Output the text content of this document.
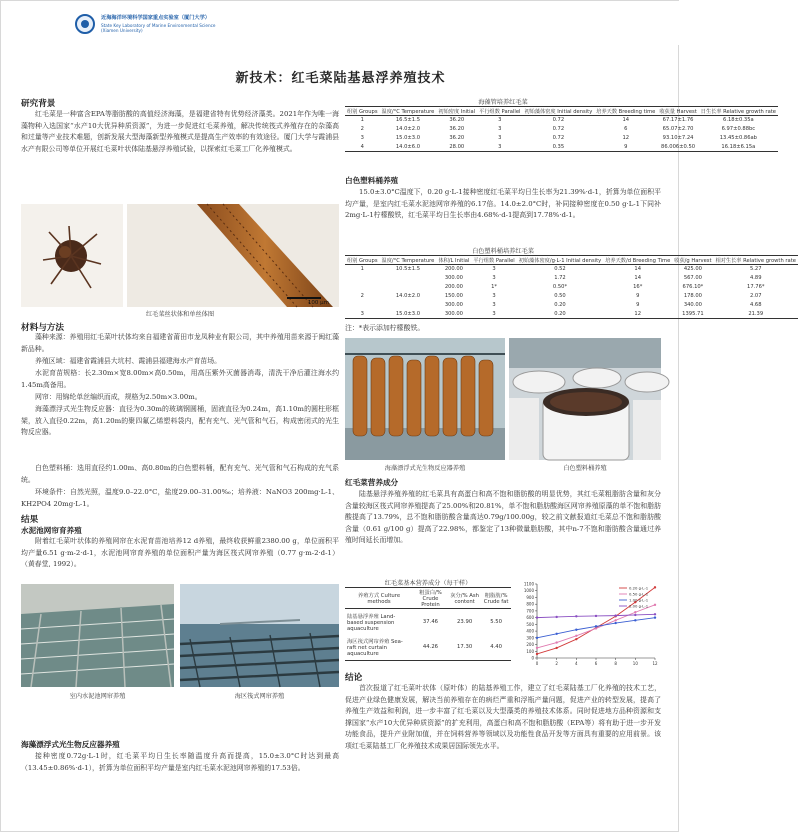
近海海洋环境科学国家重点实验室（厦门大学）
State Key Laboratory of Marine Environmental Science
(Xiamen University)
新技术：红毛菜陆基悬浮养殖技术
研究背景
红毛菜是一种富含EPA等脂肪酸的高值经济海藻，是福建省特有优势经济藻类。2021年作为唯一海藻物种入选国家“水产10大优异种质资源”，为进一步促进红毛菜养殖，解决传统筏式养殖存在的杂藻高和过量等产业技术难题，创新发展大型海藻新型养殖模式是提高生产效率的有效途径。厦门大学与霞浦县水产有限公司等单位开展红毛菜叶状体陆基悬浮养殖试验，以探索红毛菜工厂化养殖模式。
100 μm
红毛菜丝状体和单丝体图
材料与方法
藻种来源：养殖用红毛菜叶状体均来自福建省莆田市龙凤种业有限公司，其中养殖用苗来源于闽红藻新品种。
养殖区域：福建省霞浦县大坑村、霞浦县福建海水产育苗场。
水泥育苗规格：长2.30m×宽8.00m×高0.50m，用高压紫外灭菌器消毒，清洗干净后灌注海水约1.45m高备用。
网帘：用锦纶单丝编织而成，规格为2.50m×3.00m。
海藻漂浮式光生物反应器：直径为0.30m的玻璃钢圆桶，固液直径为0.24m，高1.10m的圆柱形框架，放入直径0.22m，高1.20m的聚四氟乙烯塑料袋内，配有充气、光气管和气石，构成密闭式的光生物反应器。
白色塑料桶：选用直径约1.00m、高0.80m的白色塑料桶，配有充气、光气管和气石构成的充气系统。
环境条件：自然光照，温度9.0–22.0°C，盐度29.00–31.00‰；培养液：NaNO3 200mg·L-1、KH2PO4 20mg·L-1。
结果
水泥池网帘育养殖
附着红毛菜叶状体的养殖网帘在水泥育苗池培养12 d养殖，最终收获鲜重2380.00 g，单位面积平均产量6.51 g·m-2·d-1，水泥池网帘育养殖的单位面积产量为海区筏式网帘养殖（0.77 g·m-2·d-1）（黄春堂, 1992）。
室内水泥池网帘养殖	海区筏式网帘养殖
海藻漂浮式光生物反应器养殖
接种密度0.72g·L-1时，红毛菜平均日生长率随温度升高而提高，15.0±3.0°C时达到最高（13.45±0.86%·d-1），折算为单位面积平均产量是室内红毛菜水泥池网帘养殖的17.53倍。
海藻管培养红毛菜
组别 Groups	温度/°C Temperature	初始密度 Initial	平行组数 Parallel	初始藻体密度 Initial density	培养天数 Breeding time	收获量 Harvest	日生长率 Relative growth rate
1	16.5±1.5	36.20	3	0.72	14	67.17±1.76	6.18±0.35a
2	14.0±2.0	36.20	3	0.72	6	65.07±2.70	6.97±0.88bc
3	15.0±3.0	36.20	3	0.72	12	93.10±7.24	13.45±0.86ab
4	14.0±6.0	28.00	3	0.35	9	86.006±0.50	16.18±6.15a
白色塑料桶养殖
15.0±3.0°C温度下，0.20 g·L-1接种密度红毛菜平均日生长率为21.39%·d-1，折算为单位面积平均产量，是室内红毛菜水泥池网帘养殖的6.17倍。14.0±2.0°C时，补同接种密度在0.50 g·L-1下同补2mg·L-1柠檬酸铁，红毛菜平均日生长率由4.68%·d-1提高到17.78%·d-1。
白色塑料桶培养红毛菜
组别 Groups	温度/°C Temperature	体积/L Initial	平行组数 Parallel	初始藻体密度/g·L-1 Initial density	培养天数/d Breeding Time	收获/g Harvest	相对生长率 Relative growth rate
1	10.5±1.5	200.00	3	0.52	14	425.00	5.27
		300.00	3	1.72	14	567.00	4.89
		200.00	1*	0.50*	16*	676.10*	17.76*
2	14.0±2.0	150.00	3	0.50	9	178.00	2.07
		300.00	3	0.20	9	340.00	4.68
3	15.0±3.0	300.00	3	0.20	12	1395.71	21.39
注：*表示添加柠檬酸铁。
海藻漂浮式光生物反应器养殖	白色塑料桶养殖
红毛菜营养成分
陆基悬浮养殖养殖的红毛菜具有高蛋白和高不饱和脂肪酸的明显优势，其红毛菜粗脂肪含量和灰分含量较海区筏式网帘养殖提高了25.00%和20.81%，单不饱和脂肪酸海区网帘养殖原藻的单不饱和脂肪酸提高了13.79%，总不饱和脂肪酸含量高达0.79g/100.00g，较之前文献报道红毛菜总不饱和脂肪酸含量（0.61 g/100 g）提高了22.98%，都鉴定了13种微量脂肪酸，其中n-7不饱和脂肪酸含量通过养殖时间延长而增加。
红毛菜基本营养成分（每干样）
养殖方式 Culture methods	粗蛋白/% Crude Protein	灰分/% Ash content	粗脂肪/% Crude fat
陆基悬浮养殖 Land-based suspension aquaculture	37.46	23.90	5.50
海区筏式网帘养殖 Sea-raft net curtain aquaculture	44.26	17.30	4.40
0
100
200
300
400
500
600
700
800
900
1000
1100
0	2	4	6	8	10	12
0.20 g·L-1
0.50 g·L-1
1.00 g·L-1
2.00 g·L-1
结论
首次报道了红毛菜叶状体（原叶体）的陆基养殖工作，建立了红毛菜陆基工厂化养殖的技术工艺，促进产业绿色健康发展，解决当前养殖存在的病烂严重和浮瓶产量问题，促进产业的转型发展，提高了养殖生产效益和利润，进一步丰富了红毛菜以及大型藻类的养殖技术体系。同时促进地方品种资源和支撑国家“水产10大优异种质资源”的扩充利用，高蛋白和高不饱和脂肪酸（EPA等）将有助于进一步开发功能食品，提升产业附加值，并在饲料营养等领域以及功能性食品开发等方面具有重要的应用前景。该项红毛菜陆基工厂化养殖技术成果居国际领先水平。
